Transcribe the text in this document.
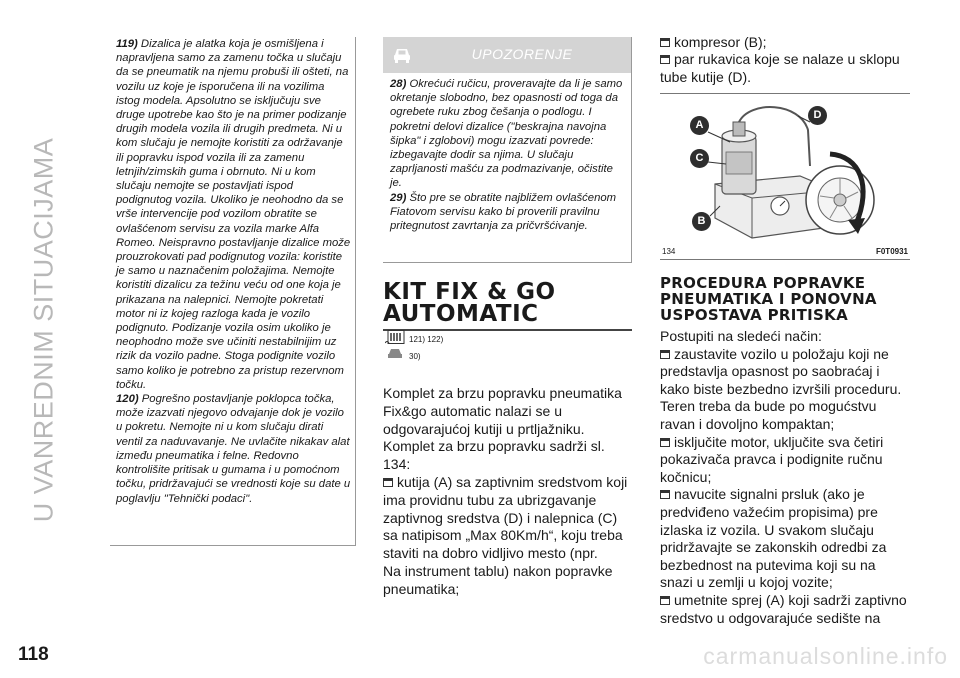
U VANREDNIM SITUACIJAMA

119) Dizalica je alatka koja je osmišljena i napravljena samo za zamenu točka u slučaju da se pneumatik na njemu probuši ili ošteti, na vozilu uz koje je isporučena ili na vozilima istog modela. Apsolutno se isključuju sve druge upotrebe kao što je na primer podizanje drugih modela vozila ili drugih predmeta. Ni u kom slučaju je nemojte koristiti za održavanje ili popravku ispod vozila ili za zamenu letnjih/zimskih guma i obrnuto. Ni u kom slučaju nemojte se postavljati ispod podignutog vozila. Ukoliko je neohodno da se vrše intervencije pod vozilom obratite se ovlašćenom servisu za vozila marke Alfa Romeo. Neispravno postavljanje dizalice može prouzrokovati pad podignutog vozila: koristite je samo u naznačenim položajima. Nemojte koristiti dizalicu za težinu veću od one koja je prikazana na nalepnici. Nemojte pokretati motor ni iz kojeg razloga kada je vozilo podignuto. Podizanje vozila osim ukoliko je neophodno može sve učiniti nestabilnijim uz rizik da vozilo padne. Stoga podignite vozilo samo koliko je potrebno za pristup rezervnom točku.

120) Pogrešno postavljanje poklopca točka, može izazvati njegovo odvajanje dok je vozilo u pokretu. Nemojte ni u kom slučaju dirati ventil za naduvavanje. Ne uvlačite nikakav alat između pneumatika i felne. Redovno kontrolišite pritisak u gumama i u pomoćnom točku, pridržavajući se vrednosti koje su date u poglavlju "Tehnički podaci".

UPOZORENJE

28) Okrećući ručicu, proveravajte da li je samo okretanje slobodno, bez opasnosti od toga da ogrebete ruku zbog češanja o podlogu. I pokretni delovi dizalice ("beskrajna navojna šipka" i zglobovi) mogu izazvati povrede: izbegavajte dodir sa njima. U slučaju zaprljanosti mašću za podmazivanje, očistite je.

29) Što pre se obratite najbližem ovlašćenom Fiatovom servisu kako bi proverili pravilnu pritegnutost zavrtanja za pričvršćivanje.

KIT FIX & GO AUTOMATIC
121) 122)
30)

Komplet za brzu popravku pneumatika Fix&go automatic nalazi se u odgovarajućoj kutiji u prtljažniku.

Komplet za brzu popravku sadrži sl. 134:

kutija (A) sa zaptivnim sredstvom koji ima providnu tubu za ubrizgavanje zaptivnog sredstva (D) i nalepnica (C) sa natipisom „Max 80Km/h“, koju treba staviti na dobro vidljivo mesto (npr.

Na instrument tablu) nakon popravke pneumatika;

kompresor (B);

par rukavica koje se nalaze u sklopu tube kutije (D).

A
C
B
D
134	F0T0931
PROCEDURA POPRAVKE PNEUMATIKA I PONOVNA USPOSTAVA PRITISKA

Postupiti na sledeći način:

zaustavite vozilo u položaju koji ne predstavlja opasnost po saobraćaj i kako biste bezbedno izvršili proceduru. Teren treba da bude po mogućstvu ravan i dovoljno kompaktan;

isključite motor, uključite sva četiri pokazivača pravca i podignite ručnu kočnicu;

navucite signalni prsluk (ako je predviđeno važećim propisima) pre izlaska iz vozila. U svakom slučaju pridržavajte se zakonskih odredbi za bezbednost na putevima koji su na snazi u zemlji u kojoj vozite;

umetnite sprej (A) koji sadrži zaptivno sredstvo u odgovarajuće sedište na

118	carmanualsonline.info
